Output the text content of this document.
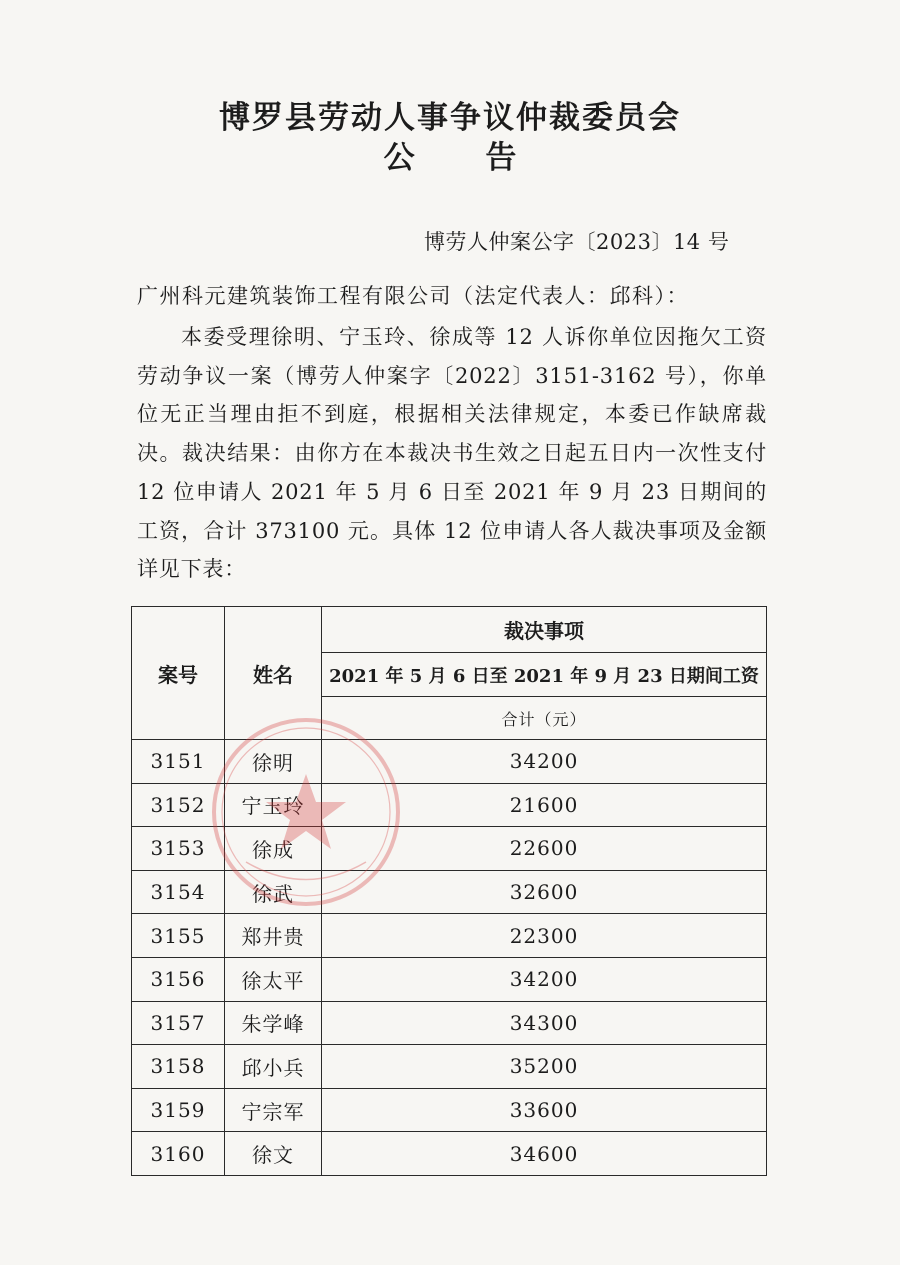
博罗县劳动人事争议仲裁委员会
公 告
博劳人仲案公字〔2023〕14 号
广州科元建筑装饰工程有限公司（法定代表人：邱科）：
本委受理徐明、宁玉玲、徐成等 12 人诉你单位因拖欠工资劳动争议一案（博劳人仲案字〔2022〕3151-3162 号），你单位无正当理由拒不到庭，根据相关法律规定，本委已作缺席裁决。裁决结果：由你方在本裁决书生效之日起五日内一次性支付 12 位申请人 2021 年 5 月 6 日至 2021 年 9 月 23 日期间的工资，合计 373100 元。具体 12 位申请人各人裁决事项及金额详见下表：
案号	姓名	裁决事项
		2021 年 5 月 6 日至 2021 年 9 月 23 日期间工资
		合计（元）
3151	徐明	34200
3152	宁玉玲	21600
3153	徐成	22600
3154	徐武	32600
3155	郑井贵	22300
3156	徐太平	34200
3157	朱学峰	34300
3158	邱小兵	35200
3159	宁宗军	33600
3160	徐文	34600
